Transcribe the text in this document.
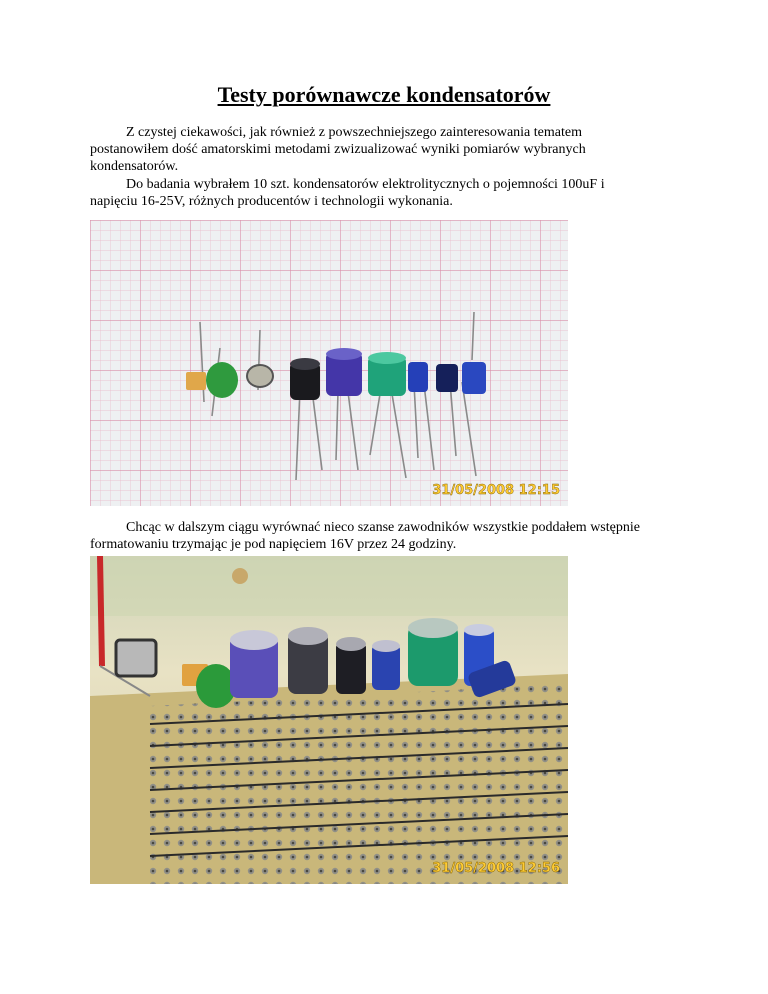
Testy porównawcze kondensatorów

Z czystej ciekawości, jak również z powszechniejszego zainteresowania tematem postanowiłem dość amatorskimi metodami zwizualizować wyniki pomiarów wybranych kondensatorów.

Do badania wybrałem 10 szt. kondensatorów elektrolitycznych o pojemności 100uF i napięciu 16-25V, różnych producentów i technologii wykonania.

31/05/2008 12:15

Chcąc w dalszym ciągu wyrównać nieco szanse zawodników wszystkie poddałem wstępnie formatowaniu trzymając je pod napięciem 16V przez 24 godziny.

31/05/2008 12:56
